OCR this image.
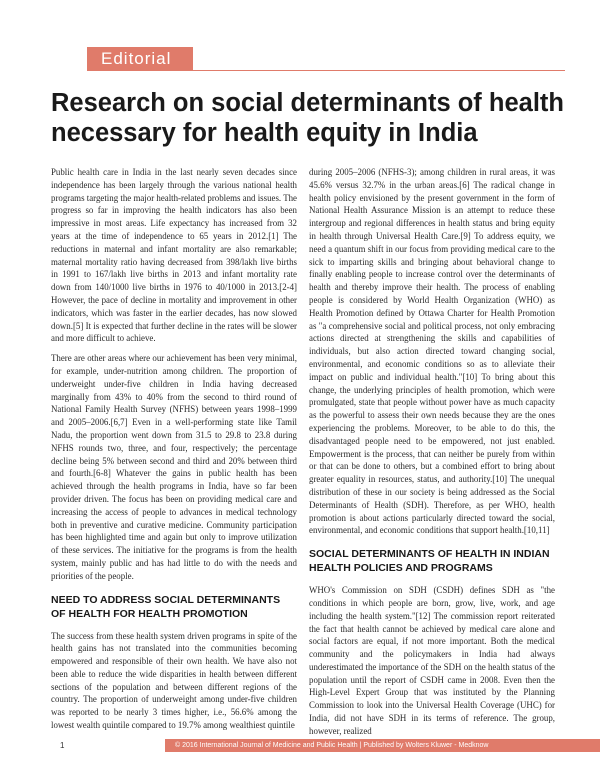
Editorial
Research on social determinants of health necessary for health equity in India

Public health care in India in the last nearly seven decades since independence has been largely through the various national health programs targeting the major health-related problems and issues. The progress so far in improving the health indicators has also been impressive in most areas. Life expectancy has increased from 32 years at the time of independence to 65 years in 2012.[1] The reductions in maternal and infant mortality are also remarkable; maternal mortality ratio having decreased from 398/lakh live births in 1991 to 167/lakh live births in 2013 and infant mortality rate down from 140/1000 live births in 1976 to 40/1000 in 2013.[2-4] However, the pace of decline in mortality and improvement in other indicators, which was faster in the earlier decades, has now slowed down.[5] It is expected that further decline in the rates will be slower and more difficult to achieve.

There are other areas where our achievement has been very minimal, for example, under-nutrition among children. The proportion of underweight under-five children in India having decreased marginally from 43% to 40% from the second to third round of National Family Health Survey (NFHS) between years 1998–1999 and 2005–2006.[6,7] Even in a well-performing state like Tamil Nadu, the proportion went down from 31.5 to 29.8 to 23.8 during NFHS rounds two, three, and four, respectively; the percentage decline being 5% between second and third and 20% between third and fourth.[6-8] Whatever the gains in public health has been achieved through the health programs in India, have so far been provider driven. The focus has been on providing medical care and increasing the access of people to advances in medical technology both in preventive and curative medicine. Community participation has been highlighted time and again but only to improve utilization of these services. The initiative for the programs is from the health system, mainly public and has had little to do with the needs and priorities of the people.

NEED TO ADDRESS SOCIAL DETERMINANTS OF HEALTH FOR HEALTH PROMOTION

The success from these health system driven programs in spite of the health gains has not translated into the communities becoming empowered and responsible of their own health. We have also not been able to reduce the wide disparities in health between different sections of the population and between different regions of the country. The proportion of underweight among under-five children was reported to be nearly 3 times higher, i.e., 56.6% among the lowest wealth quintile compared to 19.7% among wealthiest quintile

during 2005–2006 (NFHS-3); among children in rural areas, it was 45.6% versus 32.7% in the urban areas.[6] The radical change in health policy envisioned by the present government in the form of National Health Assurance Mission is an attempt to reduce these intergroup and regional differences in health status and bring equity in health through Universal Health Care.[9] To address equity, we need a quantum shift in our focus from providing medical care to the sick to imparting skills and bringing about behavioral change to finally enabling people to increase control over the determinants of health and thereby improve their health. The process of enabling people is considered by World Health Organization (WHO) as Health Promotion defined by Ottawa Charter for Health Promotion as "a comprehensive social and political process, not only embracing actions directed at strengthening the skills and capabilities of individuals, but also action directed toward changing social, environmental, and economic conditions so as to alleviate their impact on public and individual health."[10] To bring about this change, the underlying principles of health promotion, which were promulgated, state that people without power have as much capacity as the powerful to assess their own needs because they are the ones experiencing the problems. Moreover, to be able to do this, the disadvantaged people need to be empowered, not just enabled. Empowerment is the process, that can neither be purely from within or that can be done to others, but a combined effort to bring about greater equality in resources, status, and authority.[10] The unequal distribution of these in our society is being addressed as the Social Determinants of Health (SDH). Therefore, as per WHO, health promotion is about actions particularly directed toward the social, environmental, and economic conditions that support health.[10,11]

SOCIAL DETERMINANTS OF HEALTH IN INDIAN HEALTH POLICIES AND PROGRAMS

WHO's Commission on SDH (CSDH) defines SDH as "the conditions in which people are born, grow, live, work, and age including the health system."[12] The commission report reiterated the fact that health cannot be achieved by medical care alone and social factors are equal, if not more important. Both the medical community and the policymakers in India had always underestimated the importance of the SDH on the health status of the population until the report of CSDH came in 2008. Even then the High-Level Expert Group that was instituted by the Planning Commission to look into the Universal Health Coverage (UHC) for India, did not have SDH in its terms of reference. The group, however, realized

1	© 2016 International Journal of Medicine and Public Health | Published by Wolters Kluwer - Medknow
